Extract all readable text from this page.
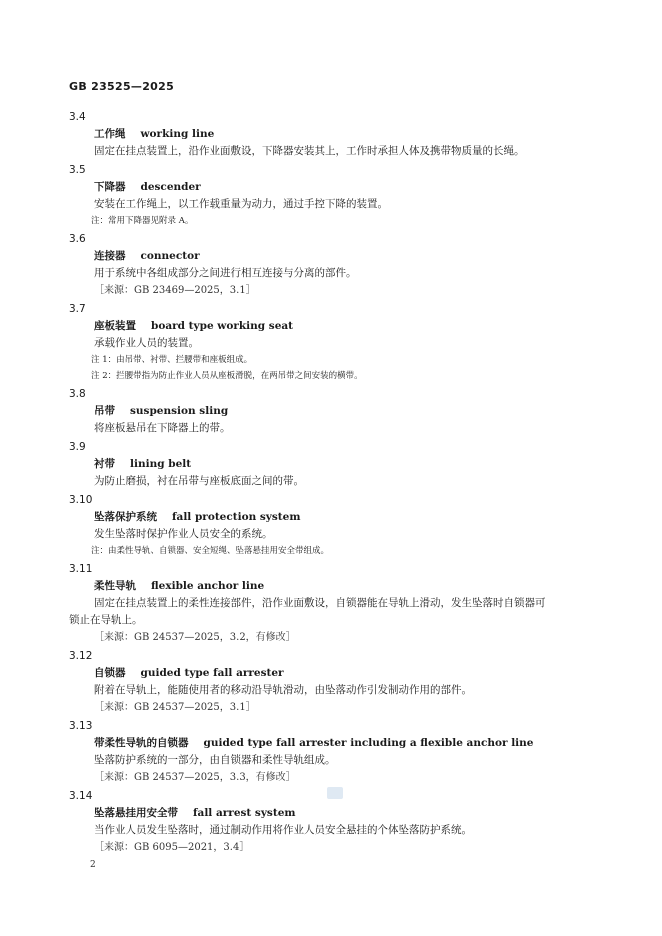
GB 23525—2025
3.4
工作绳 working line
固定在挂点装置上，沿作业面敷设，下降器安装其上，工作时承担人体及携带物质量的长绳。
3.5
下降器 descender
安装在工作绳上，以工作载重量为动力，通过手控下降的装置。
注：常用下降器见附录 A。
3.6
连接器 connector
用于系统中各组成部分之间进行相互连接与分离的部件。
［来源：GB 23469—2025，3.1］
3.7
座板装置 board type working seat
承载作业人员的装置。
注 1：由吊带、衬带、拦腰带和座板组成。
注 2：拦腰带指为防止作业人员从座板滑脱，在两吊带之间安装的横带。
3.8
吊带 suspension sling
将座板悬吊在下降器上的带。
3.9
衬带 lining belt
为防止磨损，衬在吊带与座板底面之间的带。
3.10
坠落保护系统 fall protection system
发生坠落时保护作业人员安全的系统。
注：由柔性导轨、自锁器、安全短绳、坠落悬挂用安全带组成。
3.11
柔性导轨 flexible anchor line
固定在挂点装置上的柔性连接部件，沿作业面敷设，自锁器能在导轨上滑动，发生坠落时自锁器可
锁止在导轨上。
［来源：GB 24537—2025，3.2，有修改］
3.12
自锁器 guided type fall arrester
附着在导轨上，能随使用者的移动沿导轨滑动，由坠落动作引发制动作用的部件。
［来源：GB 24537—2025，3.1］
3.13
带柔性导轨的自锁器 guided type fall arrester including a flexible anchor line
坠落防护系统的一部分，由自锁器和柔性导轨组成。
［来源：GB 24537—2025，3.3，有修改］
3.14
坠落悬挂用安全带 fall arrest system
当作业人员发生坠落时，通过制动作用将作业人员安全悬挂的个体坠落防护系统。
［来源：GB 6095—2021，3.4］
2
